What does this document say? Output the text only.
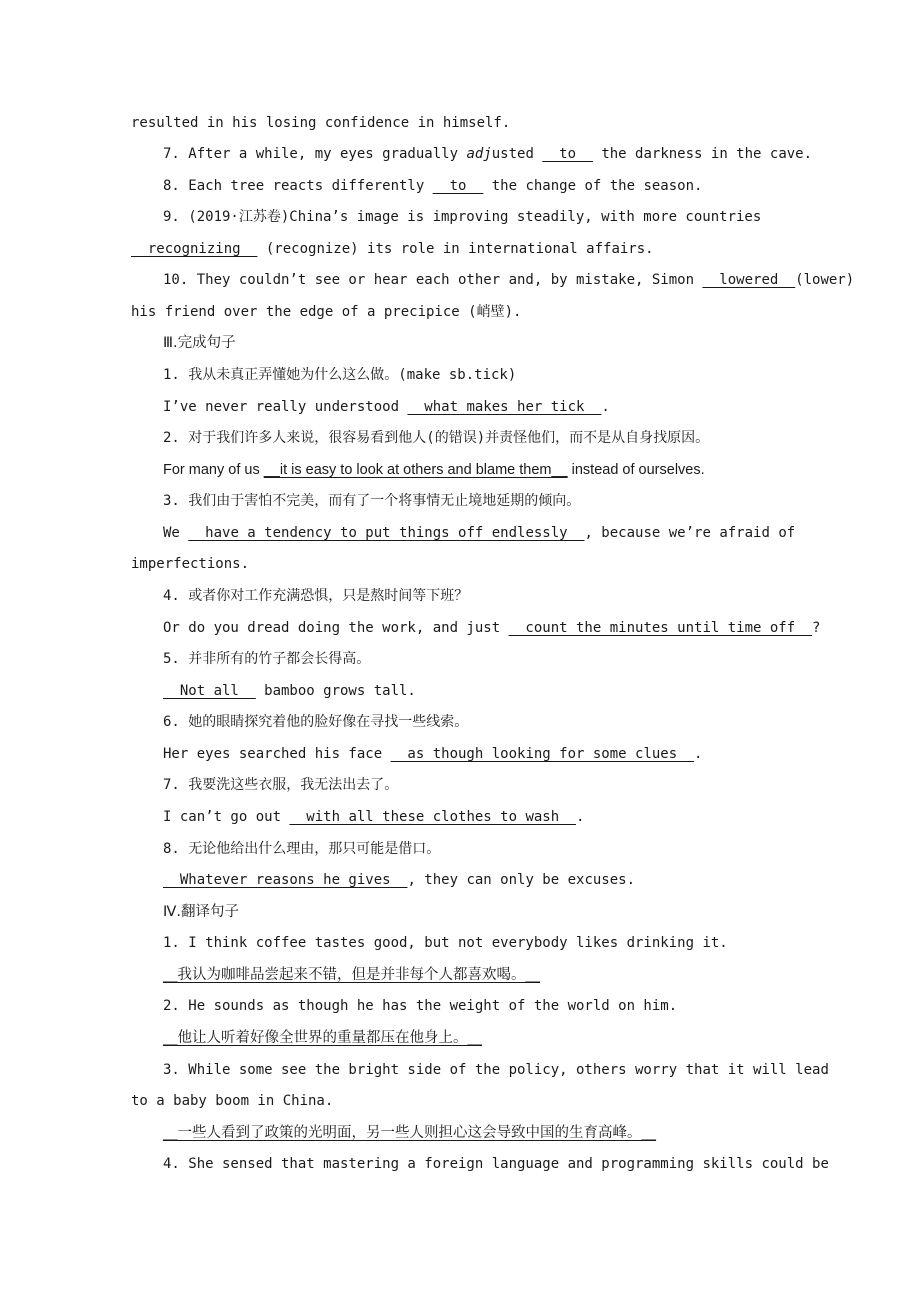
resulted in his losing confidence in himself.
7. After a while, my eyes gradually adjusted __to__ the darkness in the cave.
8. Each tree reacts differently __to__ the change of the season.
9. (2019·江苏卷)China’s image is improving steadily, with more countries
__recognizing__ (recognize) its role in international affairs.
10. They couldn’t see or hear each other and, by mistake, Simon __lowered__(lower)
his friend over the edge of a precipice (峭壁).
Ⅲ.完成句子
1. 我从未真正弄懂她为什么这么做。(make sb.tick)
I’ve never really understood __what makes her tick__.
2. 对于我们许多人来说，很容易看到他人(的错误)并责怪他们，而不是从自身找原因。
For many of us __it is easy to look at others and blame them__ instead of ourselves.
3. 我们由于害怕不完美，而有了一个将事情无止境地延期的倾向。
We __have a tendency to put things off endlessly__, because we’re afraid of
imperfections.
4. 或者你对工作充满恐惧，只是熬时间等下班？
Or do you dread doing the work, and just __count the minutes until time off__?
5. 并非所有的竹子都会长得高。
__Not all__ bamboo grows tall.
6. 她的眼睛探究着他的脸好像在寻找一些线索。
Her eyes searched his face __as though looking for some clues__.
7. 我要洗这些衣服，我无法出去了。
I can’t go out __with all these clothes to wash__.
8. 无论他给出什么理由，那只可能是借口。
__Whatever reasons he gives__, they can only be excuses.
Ⅳ.翻译句子
1. I think coffee tastes good, but not everybody likes drinking it.
__我认为咖啡品尝起来不错，但是并非每个人都喜欢喝。__
2. He sounds as though he has the weight of the world on him.
__他让人听着好像全世界的重量都压在他身上。__
3. While some see the bright side of the policy, others worry that it will lead
to a baby boom in China.
__一些人看到了政策的光明面，另一些人则担心这会导致中国的生育高峰。__
4. She sensed that mastering a foreign language and programming skills could be
